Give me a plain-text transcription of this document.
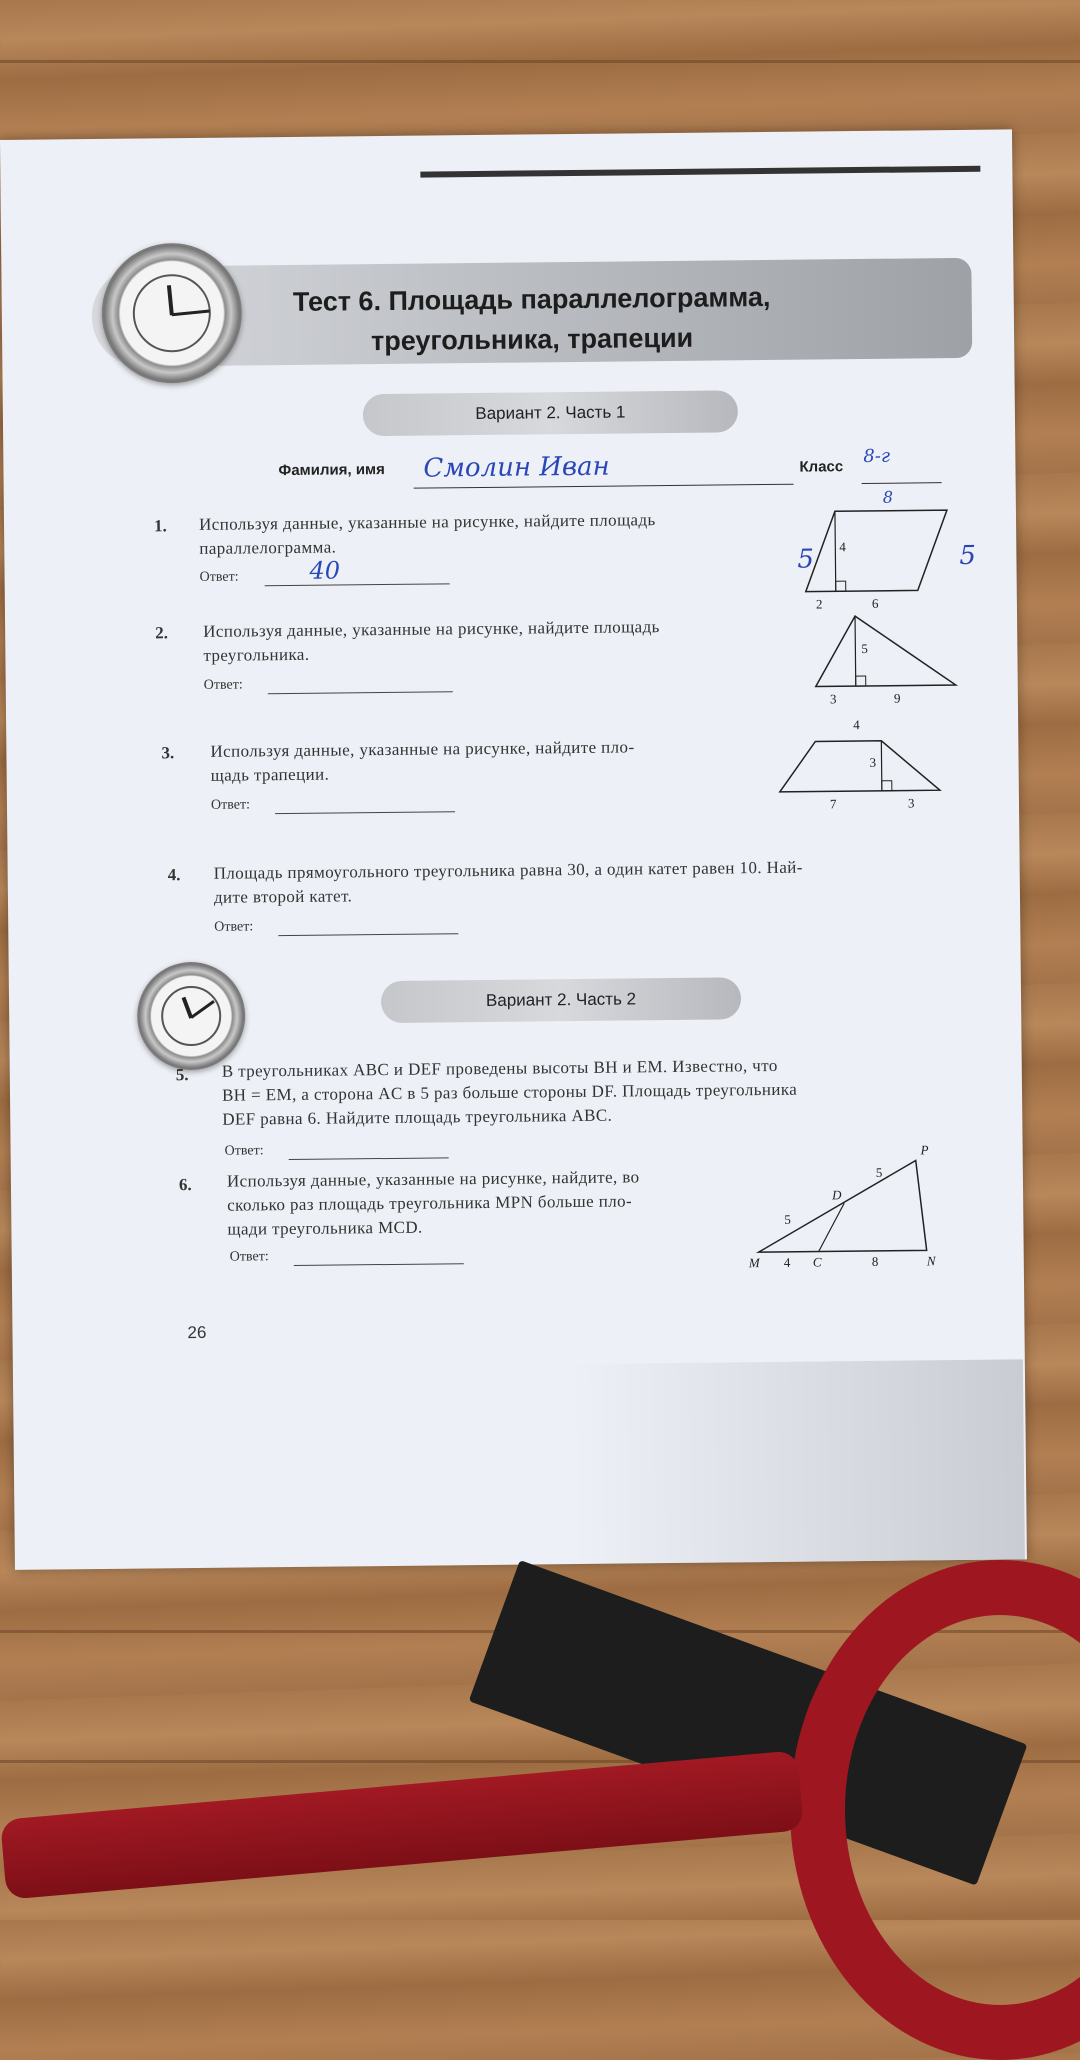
Тест 6. Площадь параллелограмма,
треугольника, трапеции
Вариант 2. Часть 1
Фамилия, имя Смолин Иван	Класс 8-г
1. Используя данные, указанные на рисунке, найдите площадь
параллелограмма.
Ответ:	40
4
2	6
8
5	5
2. Используя данные, указанные на рисунке, найдите площадь
треугольника.
Ответ:
5
3	9
3. Используя данные, указанные на рисунке, найдите пло-
щадь трапеции.
Ответ:
4
3
7	3
4. Площадь прямоугольного треугольника равна 30, а один катет равен 10. Най-
дите второй катет.
Ответ:
Вариант 2. Часть 2
5. В треугольниках ABC и DEF проведены высоты BH и EM. Известно, что
BH = EM, а сторона AC в 5 раз больше стороны DF. Площадь треугольника
DEF равна 6. Найдите площадь треугольника ABC.
Ответ:
6. Используя данные, указанные на рисунке, найдите, во
сколько раз площадь треугольника MPN больше пло-
щади треугольника MCD.
Ответ:
P
D
M	C	N
4	8
5
5
26
